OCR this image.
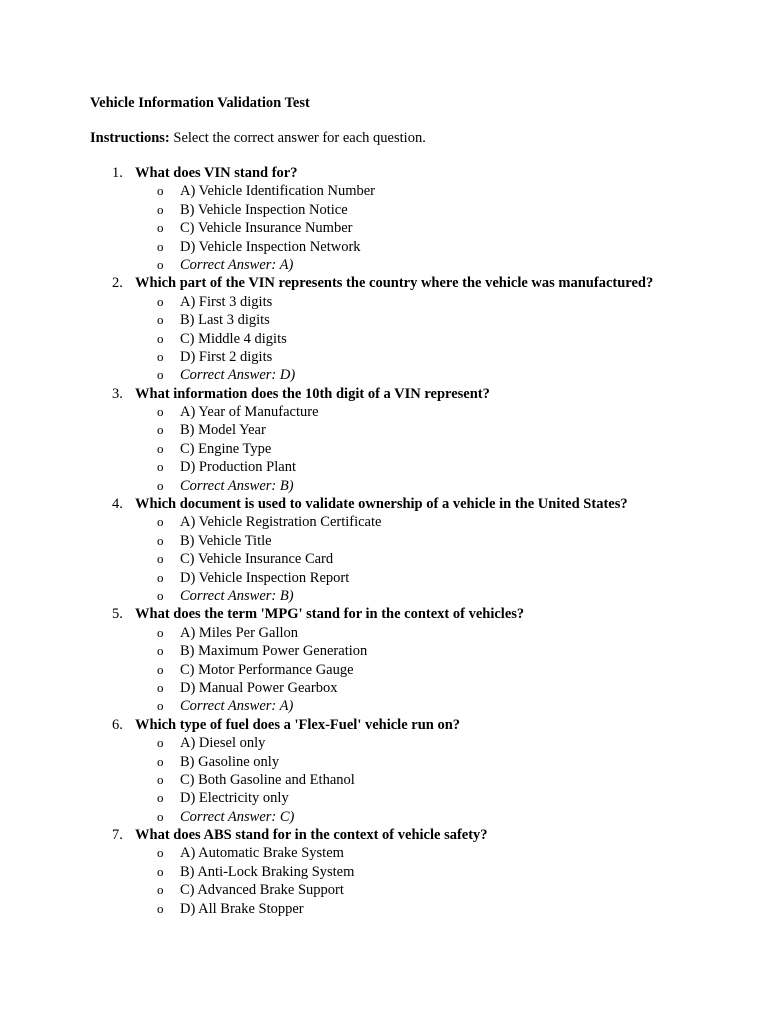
Vehicle Information Validation Test
Instructions: Select the correct answer for each question.
1. What does VIN stand for?
o A) Vehicle Identification Number
o B) Vehicle Inspection Notice
o C) Vehicle Insurance Number
o D) Vehicle Inspection Network
o Correct Answer: A)
2. Which part of the VIN represents the country where the vehicle was manufactured?
o A) First 3 digits
o B) Last 3 digits
o C) Middle 4 digits
o D) First 2 digits
o Correct Answer: D)
3. What information does the 10th digit of a VIN represent?
o A) Year of Manufacture
o B) Model Year
o C) Engine Type
o D) Production Plant
o Correct Answer: B)
4. Which document is used to validate ownership of a vehicle in the United States?
o A) Vehicle Registration Certificate
o B) Vehicle Title
o C) Vehicle Insurance Card
o D) Vehicle Inspection Report
o Correct Answer: B)
5. What does the term 'MPG' stand for in the context of vehicles?
o A) Miles Per Gallon
o B) Maximum Power Generation
o C) Motor Performance Gauge
o D) Manual Power Gearbox
o Correct Answer: A)
6. Which type of fuel does a 'Flex-Fuel' vehicle run on?
o A) Diesel only
o B) Gasoline only
o C) Both Gasoline and Ethanol
o D) Electricity only
o Correct Answer: C)
7. What does ABS stand for in the context of vehicle safety?
o A) Automatic Brake System
o B) Anti-Lock Braking System
o C) Advanced Brake Support
o D) All Brake Stopper
